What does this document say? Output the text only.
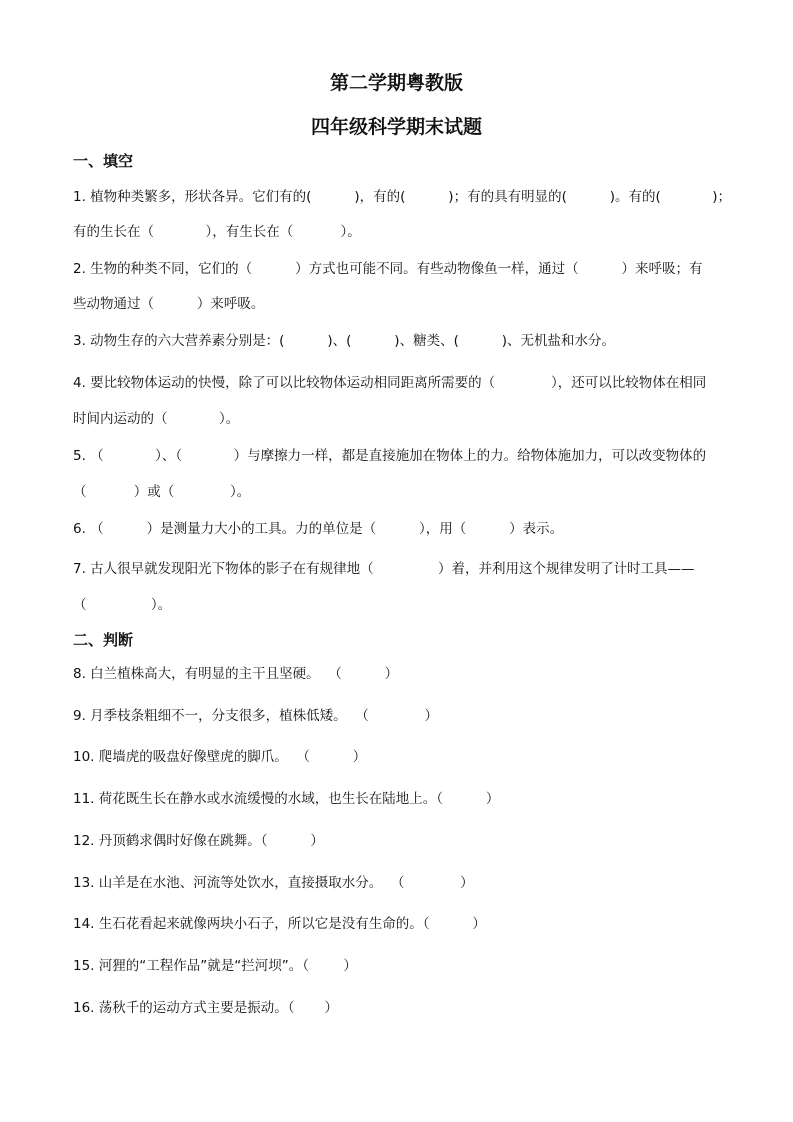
第二学期粤教版
四年级科学期末试题
一、填空
1. 植物种类繁多，形状各异。它们有的(          )，有的(          )；有的具有明显的(          )。有的(            )；
有的生长在（            ），有生长在（           ）。
2. 生物的种类不同，它们的（          ）方式也可能不同。有些动物像鱼一样，通过（          ）来呼吸；有
些动物通过（          ）来呼吸。
3. 动物生存的六大营养素分别是：(          )、(          )、糖类、(          )、无机盐和水分。
4. 要比较物体运动的快慢，除了可以比较物体运动相同距离所需要的（             ），还可以比较物体在相同
时间内运动的（            ）。
5. （            ）、（            ）与摩擦力一样，都是直接施加在物体上的力。给物体施加力，可以改变物体的
（           ）或（             ）。
6. （          ）是测量力大小的工具。力的单位是（          ），用（          ）表示。
7. 古人很早就发现阳光下物体的影子在有规律地（               ）着，并利用这个规律发明了计时工具——
（               ）。
二、判断
8. 白兰植株高大，有明显的主干且坚硬。  （          ）
9. 月季枝条粗细不一，分支很多，植株低矮。  （             ）
10. 爬墙虎的吸盘好像壁虎的脚爪。  （          ）
11. 荷花既生长在静水或水流缓慢的水域，也生长在陆地上。（          ）
12. 丹顶鹤求偶时好像在跳舞。（          ）
13. 山羊是在水池、河流等处饮水，直接摄取水分。  （             ）
14. 生石花看起来就像两块小石子，所以它是没有生命的。（          ）
15. 河狸的“工程作品”就是“拦河坝”。（        ）
16. 荡秋千的运动方式主要是振动。（       ）
